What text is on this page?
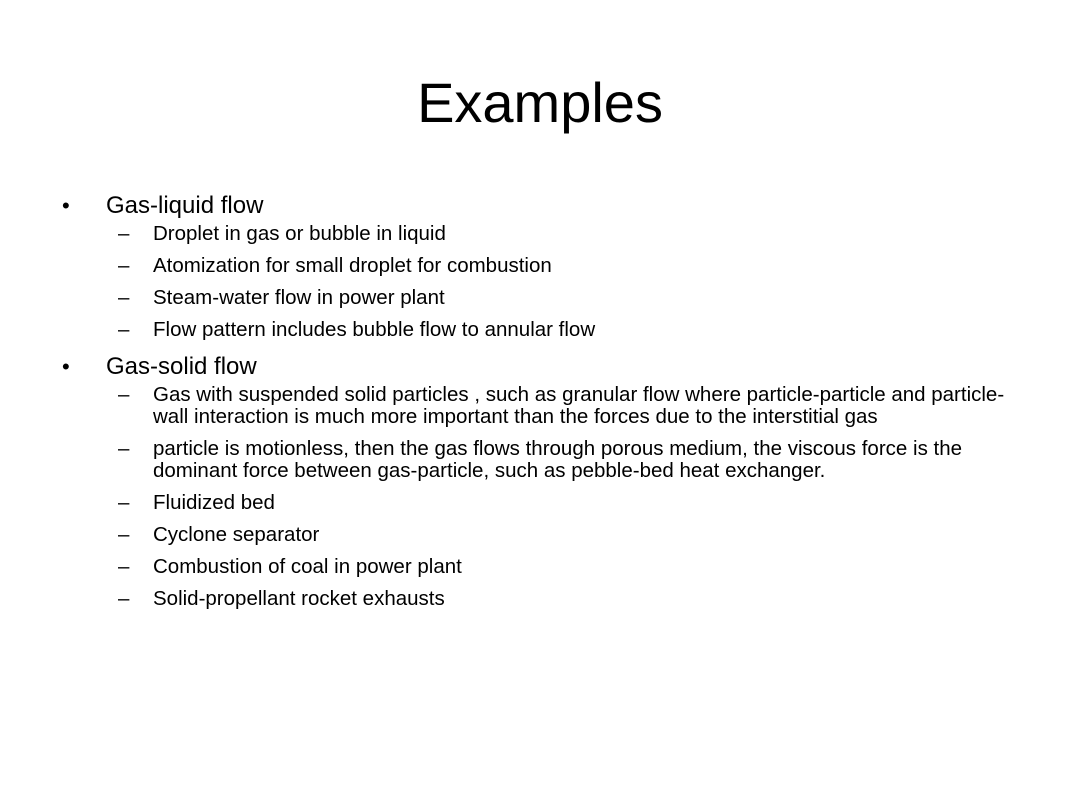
Examples
• Gas-liquid flow
– Droplet in gas or bubble in liquid
– Atomization for small droplet for combustion
– Steam-water flow in power plant
– Flow pattern includes bubble flow to annular flow
• Gas-solid flow
– Gas with suspended solid particles , such as granular flow where particle-particle and particle-wall interaction is much more important than the forces due to the interstitial gas
– particle is motionless, then the gas flows through porous medium, the viscous force is the dominant force between gas-particle, such as pebble-bed heat exchanger.
– Fluidized bed
– Cyclone separator
– Combustion of coal in power plant
– Solid-propellant rocket exhausts
